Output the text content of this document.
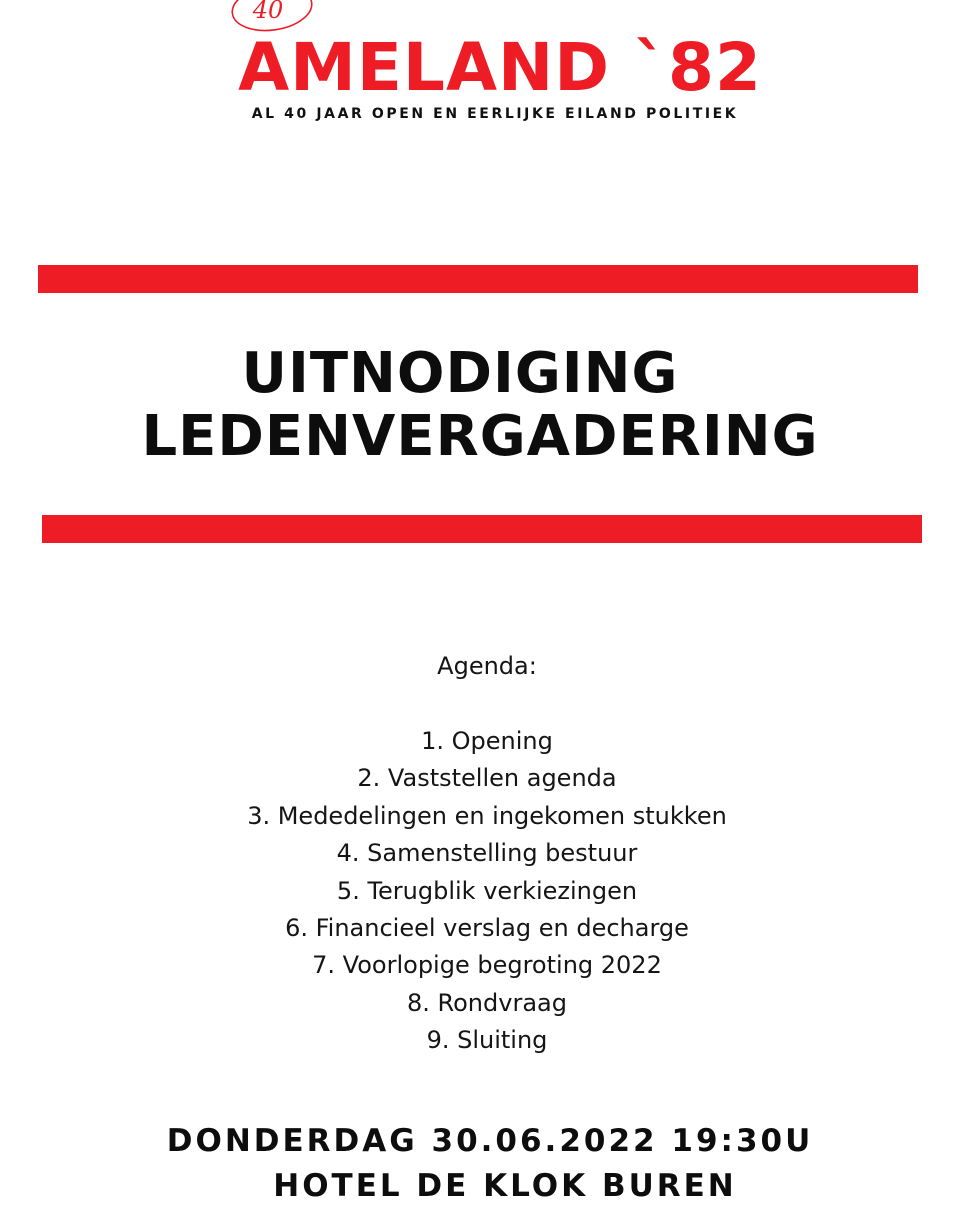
40
AMELAND `82
AL 40 JAAR OPEN EN EERLIJKE EILAND POLITIEK
UITNODIGING
LEDENVERGADERING
Agenda:
1. Opening
2. Vaststellen agenda
3. Mededelingen en ingekomen stukken
4. Samenstelling bestuur
5. Terugblik verkiezingen
6. Financieel verslag en decharge
7. Voorlopige begroting 2022
8. Rondvraag
9. Sluiting
DONDERDAG 30.06.2022 19:30U
HOTEL DE KLOK BUREN
